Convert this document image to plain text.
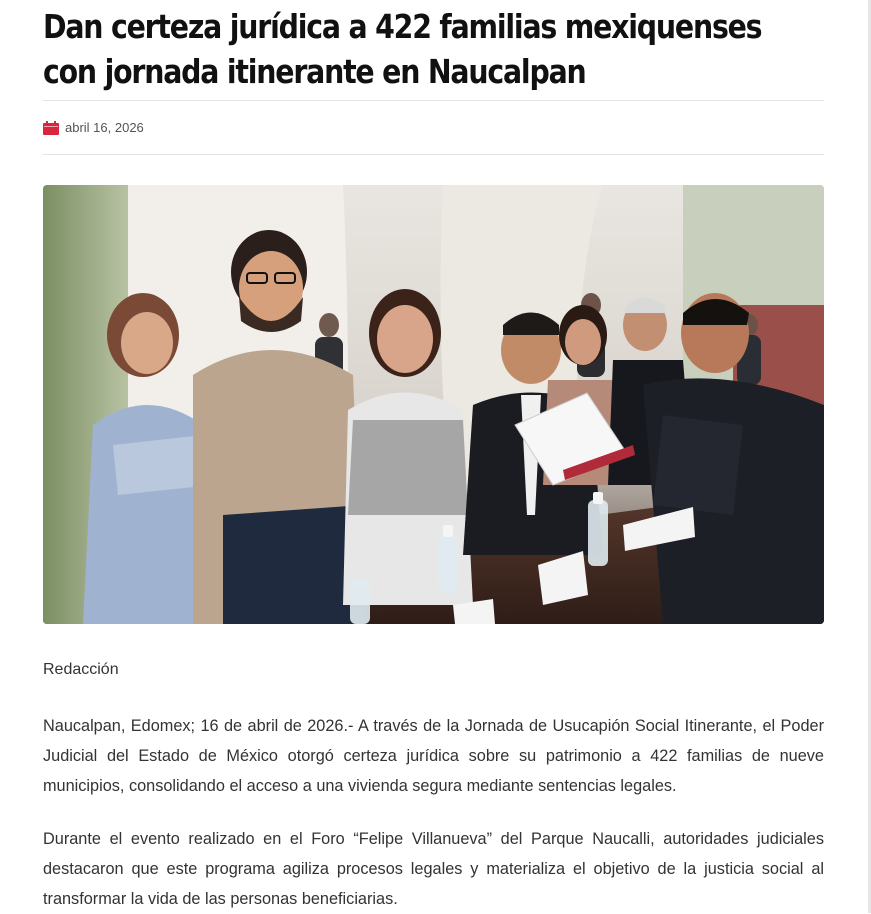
Dan certeza jurídica a 422 familias mexiquenses con jornada itinerante en Naucalpan
abril 16, 2026
Redacción

Naucalpan, Edomex; 16 de abril de 2026.- A través de la Jornada de Usucapión Social Itinerante, el Poder Judicial del Estado de México otorgó certeza jurídica sobre su patrimonio a 422 familias de nueve municipios, consolidando el acceso a una vivienda segura mediante sentencias legales.

Durante el evento realizado en el Foro “Felipe Villanueva” del Parque Naucalli, autoridades judiciales destacaron que este programa agiliza procesos legales y materializa el objetivo de la justicia social al transformar la vida de las personas beneficiarias.
